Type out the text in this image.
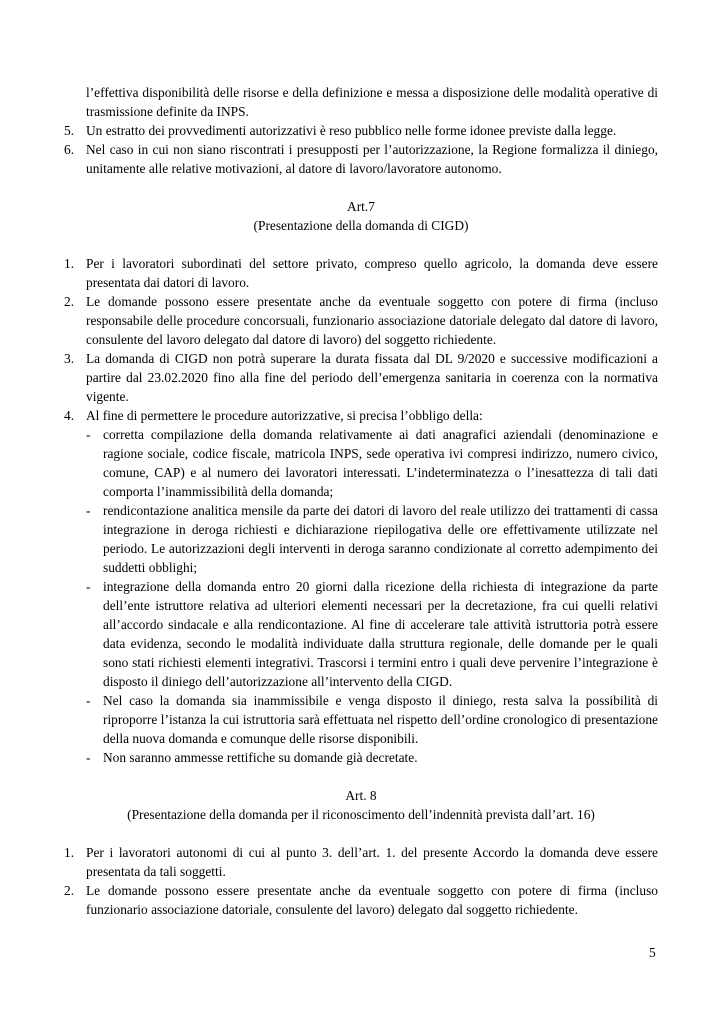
l’effettiva disponibilità delle risorse e della definizione e messa a disposizione delle modalità operative di trasmissione definite da INPS.
5. Un estratto dei provvedimenti autorizzativi è reso pubblico nelle forme idonee previste dalla legge.
6. Nel caso in cui non siano riscontrati i presupposti per l’autorizzazione, la Regione formalizza il diniego, unitamente alle relative motivazioni, al datore di lavoro/lavoratore autonomo.
Art.7
(Presentazione della domanda di CIGD)
1. Per i lavoratori subordinati del settore privato, compreso quello agricolo, la domanda deve essere presentata dai datori di lavoro.
2. Le domande possono essere presentate anche da eventuale soggetto con potere di firma (incluso responsabile delle procedure concorsuali, funzionario associazione datoriale delegato dal datore di lavoro, consulente del lavoro delegato dal datore di lavoro) del soggetto richiedente.
3. La domanda di CIGD non potrà superare la durata fissata dal DL 9/2020 e successive modificazioni a partire dal 23.02.2020 fino alla fine del periodo dell’emergenza sanitaria in coerenza con la normativa vigente.
4. Al fine di permettere le procedure autorizzative, si precisa l’obbligo della:
- corretta compilazione della domanda relativamente ai dati anagrafici aziendali (denominazione e ragione sociale, codice fiscale, matricola INPS, sede operativa ivi compresi indirizzo, numero civico, comune, CAP) e al numero dei lavoratori interessati. L’indeterminatezza o l’inesattezza di tali dati comporta l’inammissibilità della domanda;
- rendicontazione analitica mensile da parte dei datori di lavoro del reale utilizzo dei trattamenti di cassa integrazione in deroga richiesti e dichiarazione riepilogativa delle ore effettivamente utilizzate nel periodo. Le autorizzazioni degli interventi in deroga saranno condizionate al corretto adempimento dei suddetti obblighi;
- integrazione della domanda entro 20 giorni dalla ricezione della richiesta di integrazione da parte dell’ente istruttore relativa ad ulteriori elementi necessari per la decretazione, fra cui quelli relativi all’accordo sindacale e alla rendicontazione. Al fine di accelerare tale attività istruttoria potrà essere data evidenza, secondo le modalità individuate dalla struttura regionale, delle domande per le quali sono stati richiesti elementi integrativi. Trascorsi i termini entro i quali deve pervenire l’integrazione è disposto il diniego dell’autorizzazione all’intervento della CIGD.
- Nel caso la domanda sia inammissibile e venga disposto il diniego, resta salva la possibilità di riproporre l’istanza la cui istruttoria sarà effettuata nel rispetto dell’ordine cronologico di presentazione della nuova domanda e comunque delle risorse disponibili.
- Non saranno ammesse rettifiche su domande già decretate.
Art. 8
(Presentazione della domanda per il riconoscimento dell’indennità prevista dall’art. 16)
1. Per i lavoratori autonomi di cui al punto 3. dell’art. 1. del presente Accordo la domanda deve essere presentata da tali soggetti.
2. Le domande possono essere presentate anche da eventuale soggetto con potere di firma (incluso funzionario associazione datoriale, consulente del lavoro) delegato dal soggetto richiedente.
5
